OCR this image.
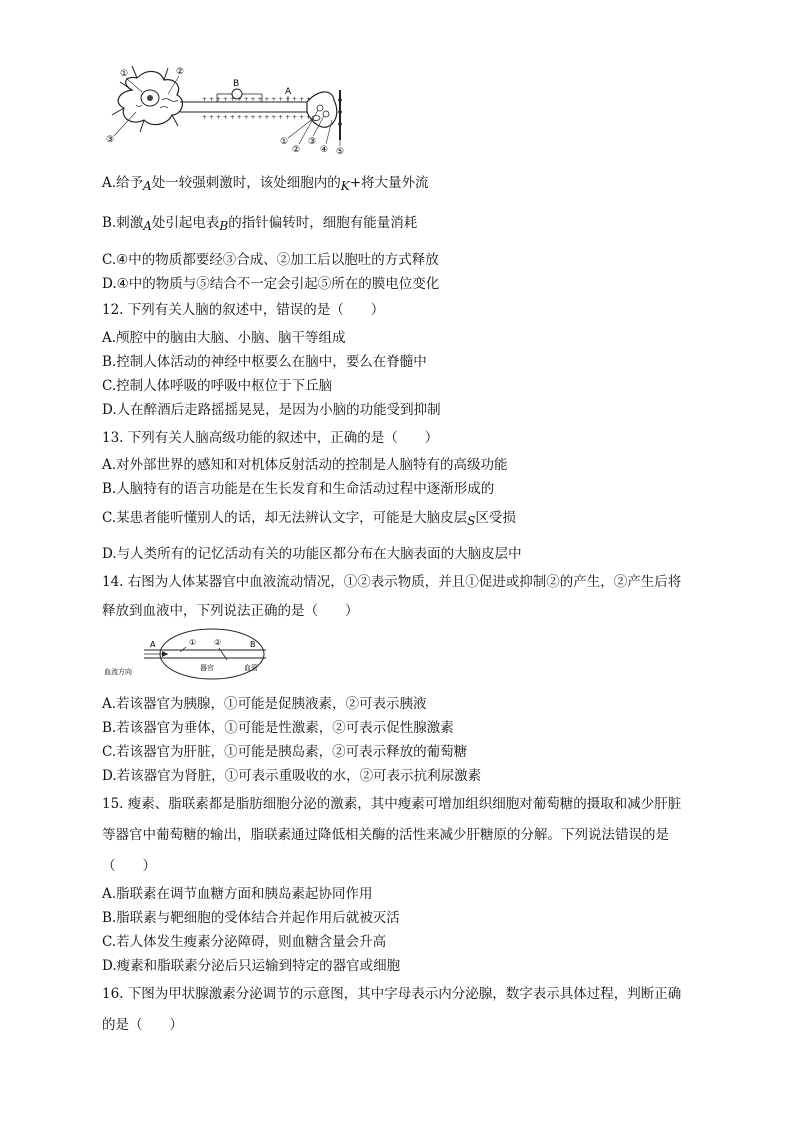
+ + + + + + + + + + + + + + + +
+ + + + + + + + + + + + + + + +
B
A
①	②
③	①
②
③
④ ⑤
A.给予A处一较强刺激时，该处细胞内的K+将大量外流
B.刺激A处引起电表B的指针偏转时，细胞有能量消耗
C.④中的物质都要经③合成、②加工后以胞吐的方式释放
D.④中的物质与⑤结合不一定会引起⑤所在的膜电位变化
12. 下列有关人脑的叙述中，错误的是（　　）
A.颅腔中的脑由大脑、小脑、脑干等组成
B.控制人体活动的神经中枢要么在脑中，要么在脊髓中
C.控制人体呼吸的呼吸中枢位于下丘脑
D.人在醉酒后走路摇摇晃晃，是因为小脑的功能受到抑制
13. 下列有关人脑高级功能的叙述中，正确的是（　　）
A.对外部世界的感知和对机体反射活动的控制是人脑特有的高级功能
B.人脑特有的语言功能是在生长发育和生命活动过程中逐渐形成的
C.某患者能听懂别人的话，却无法辨认文字，可能是大脑皮层S区受损
D.与人类所有的记忆活动有关的功能区都分布在大脑表面的大脑皮层中
14. 右图为人体某器官中血液流动情况，①②表示物质，并且①促进或抑制②的产生，②产生后将
释放到血液中，下列说法正确的是（　　）
血流方向
A	① ②	B
器官	血管
A.若该器官为胰腺，①可能是促胰液素，②可表示胰液
B.若该器官为垂体，①可能是性激素，②可表示促性腺激素
C.若该器官为肝脏，①可能是胰岛素，②可表示释放的葡萄糖
D.若该器官为肾脏，①可表示重吸收的水，②可表示抗利尿激素
15. 瘦素、脂联素都是脂肪细胞分泌的激素，其中瘦素可增加组织细胞对葡萄糖的摄取和减少肝脏
等器官中葡萄糖的输出，脂联素通过降低相关酶的活性来减少肝糖原的分解。下列说法错误的是
（　　）
A.脂联素在调节血糖方面和胰岛素起协同作用
B.脂联素与靶细胞的受体结合并起作用后就被灭活
C.若人体发生瘦素分泌障碍，则血糖含量会升高
D.瘦素和脂联素分泌后只运输到特定的器官或细胞
16. 下图为甲状腺激素分泌调节的示意图，其中字母表示内分泌腺，数字表示具体过程，判断正确
的是（　　）
